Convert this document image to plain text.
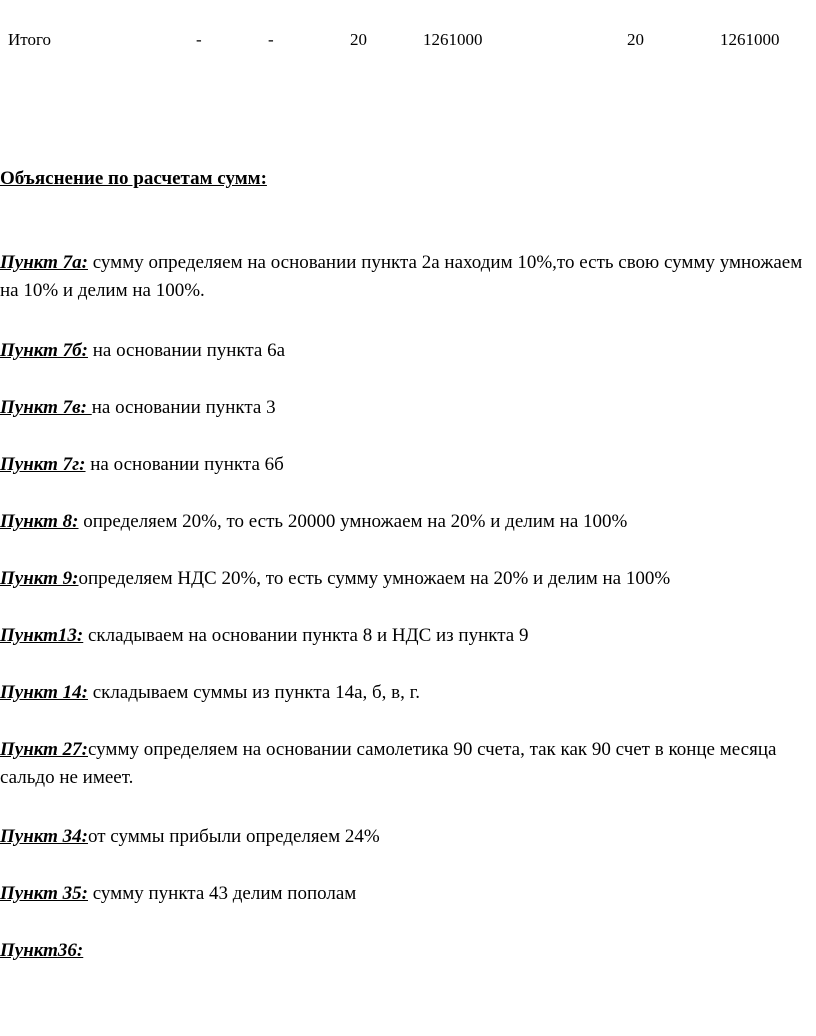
Итого	-	-	20	1261000	20	1261000
Объяснение по расчетам сумм:
Пункт 7а: сумму определяем на основании пункта 2а находим 10%,то есть свою сумму умножаем на 10% и делим на 100%.
Пункт 7б: на основании пункта 6а
Пункт 7в: на основании пункта 3
Пункт 7г: на основании пункта 6б
Пункт 8: определяем 20%, то есть 20000 умножаем на 20% и делим на 100%
Пункт 9:определяем НДС 20%, то есть сумму умножаем на 20% и делим на 100%
Пункт13: складываем на основании пункта 8 и НДС из пункта 9
Пункт 14: складываем суммы из пункта 14а, б, в, г.
Пункт 27:сумму определяем на основании самолетика 90 счета, так как 90 счет в конце месяца сальдо не имеет.
Пункт 34:от суммы прибыли определяем 24%
Пункт 35: сумму пункта 43 делим пополам
Пункт36:
